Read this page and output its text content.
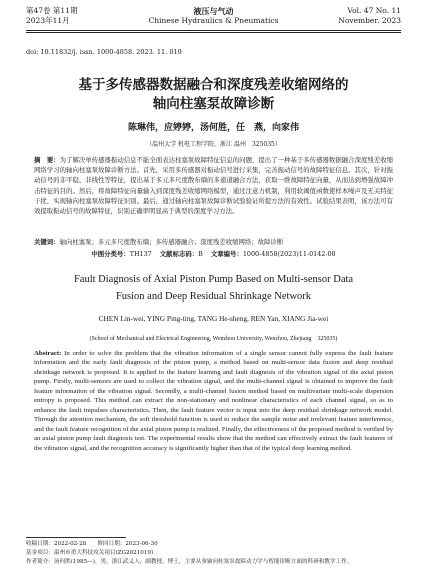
第47卷 第11期
2023年11月
液压与气动
Chinese Hydraulics & Pneumatics
Vol. 47 No. 11
November. 2023
doi: 10.11832/j. issn. 1000-4858. 2023. 11. 019
基于多传感器数据融合和深度残差收缩网络的
轴向柱塞泵故障诊断
陈琳伟，应婷婷，汤何胜，任　燕，向家伟
（温州大学 机电工程学院，浙江 温州　325035）
摘　要：为了解决单传感器振动信息不能全面表达柱塞泵故障特征信息的问题，提出了一种基于多传感器数据融合深度残差收缩网络学习的轴向柱塞泵故障诊断方法。首先，采用多传感器对振动信号进行采集，完善振动信号的故障特征信息。其次，针对振动信号的非平稳、非线性等特征，提出基于多元多尺度散布熵的多通道融合方法，获取一维故障特征向量，从而达到增强故障冲击特征的目的。然后，将故障特征向量输入到深度残差收缩网络模型，通过注意力机制，利用软阈值函数使样本噪声及无关特征干扰，实现轴向柱塞泵故障特征识别。最后，通过轴向柱塞泵故障诊断试验验证所提方法的有效性。试验结果表明，该方法可有效提取振动信号的故障特征，识别正确率明显高于典型的深度学习方法。
关键词：轴向柱塞泵；多元多尺度散布熵；多传感器融合；深度残差收缩网络；故障诊断
中图分类号：TH137 文献标志码：B 文章编号：1000-4858(2023)11-0142-08
Fault Diagnosis of Axial Piston Pump Based on Multi-sensor Data
Fusion and Deep Residual Shrinkage Network
CHEN Lin-wei, YING Ping-ting, TANG He-sheng, REN Yan, XIANG Jia-wei
(School of Mechanical and Electrical Engineering, Wenzhou University, Wenzhou, Zhejiang　325035)
Abstract: In order to solve the problem that the vibration information of a single sensor cannot fully express the fault feature information and the early fault diagnosis of the piston pump, a method based on multi-sensor data fusion and deep residual shrinkage network is proposed. It is applied to the feature learning and fault diagnosis of the vibration signal of the axial piston pump. Firstly, multi-sensors are used to collect the vibration signal, and the multi-channel signal is obtained to improve the fault feature information of the vibration signal. Secondly, a multi-channel fusion method based on multivariate multi-scale dispersion entropy is proposed. This method can extract the non-stationary and nonlinear characteristics of each channel signal, so as to enhance the fault impulses characteristics. Then, the fault feature vector is input into the deep residual shrinkage network model. Through the attention mechanism, the soft threshold function is used to reduce the sample noise and irrelevant feature interference, and the fault feature recognition of the axial piston pump is realized. Finally, the effectiveness of the proposed method is verified by an axial piston pump fault diagnosis test. The experimental results show that the method can effectively extract the fault features of the vibration signal, and the recognition accuracy is significantly higher than that of the typical deep learning method.
收稿日期：2022-02-28　　修回日期：2023-06-30
基金项目：温州市重大科技攻关项目(ZG2021019)
作者简介：汤何胜(1985—)，男，浙江武义人，副教授，博士，主要从事轴向柱塞泵故障动力学与智能诊断方面的科研和教学工作。
